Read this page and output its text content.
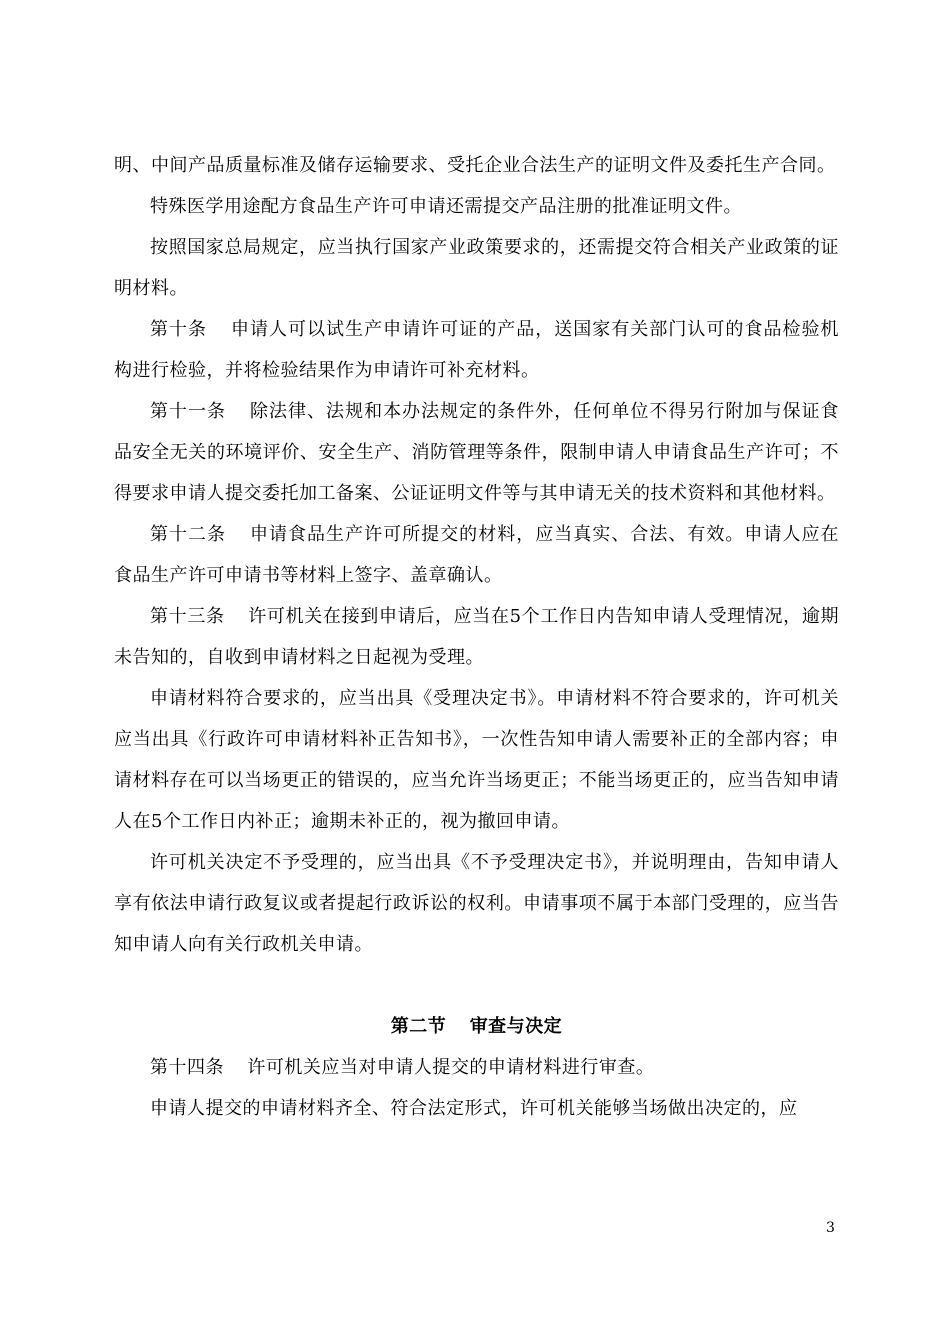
明、中间产品质量标准及储存运输要求、受托企业合法生产的证明文件及委托生产合同。

特殊医学用途配方食品生产许可申请还需提交产品注册的批准证明文件。

按照国家总局规定，应当执行国家产业政策要求的，还需提交符合相关产业政策的证明材料。

第十条 申请人可以试生产申请许可证的产品，送国家有关部门认可的食品检验机构进行检验，并将检验结果作为申请许可补充材料。

第十一条 除法律、法规和本办法规定的条件外，任何单位不得另行附加与保证食品安全无关的环境评价、安全生产、消防管理等条件，限制申请人申请食品生产许可；不得要求申请人提交委托加工备案、公证证明文件等与其申请无关的技术资料和其他材料。

第十二条 申请食品生产许可所提交的材料，应当真实、合法、有效。申请人应在食品生产许可申请书等材料上签字、盖章确认。

第十三条 许可机关在接到申请后，应当在5个工作日内告知申请人受理情况，逾期未告知的，自收到申请材料之日起视为受理。

申请材料符合要求的，应当出具《受理决定书》。申请材料不符合要求的，许可机关应当出具《行政许可申请材料补正告知书》，一次性告知申请人需要补正的全部内容；申请材料存在可以当场更正的错误的，应当允许当场更正；不能当场更正的，应当告知申请人在5个工作日内补正；逾期未补正的，视为撤回申请。

许可机关决定不予受理的，应当出具《不予受理决定书》，并说明理由，告知申请人享有依法申请行政复议或者提起行政诉讼的权利。申请事项不属于本部门受理的，应当告知申请人向有关行政机关申请。

第二节 审查与决定

第十四条 许可机关应当对申请人提交的申请材料进行审查。

申请人提交的申请材料齐全、符合法定形式，许可机关能够当场做出决定的，应

3
